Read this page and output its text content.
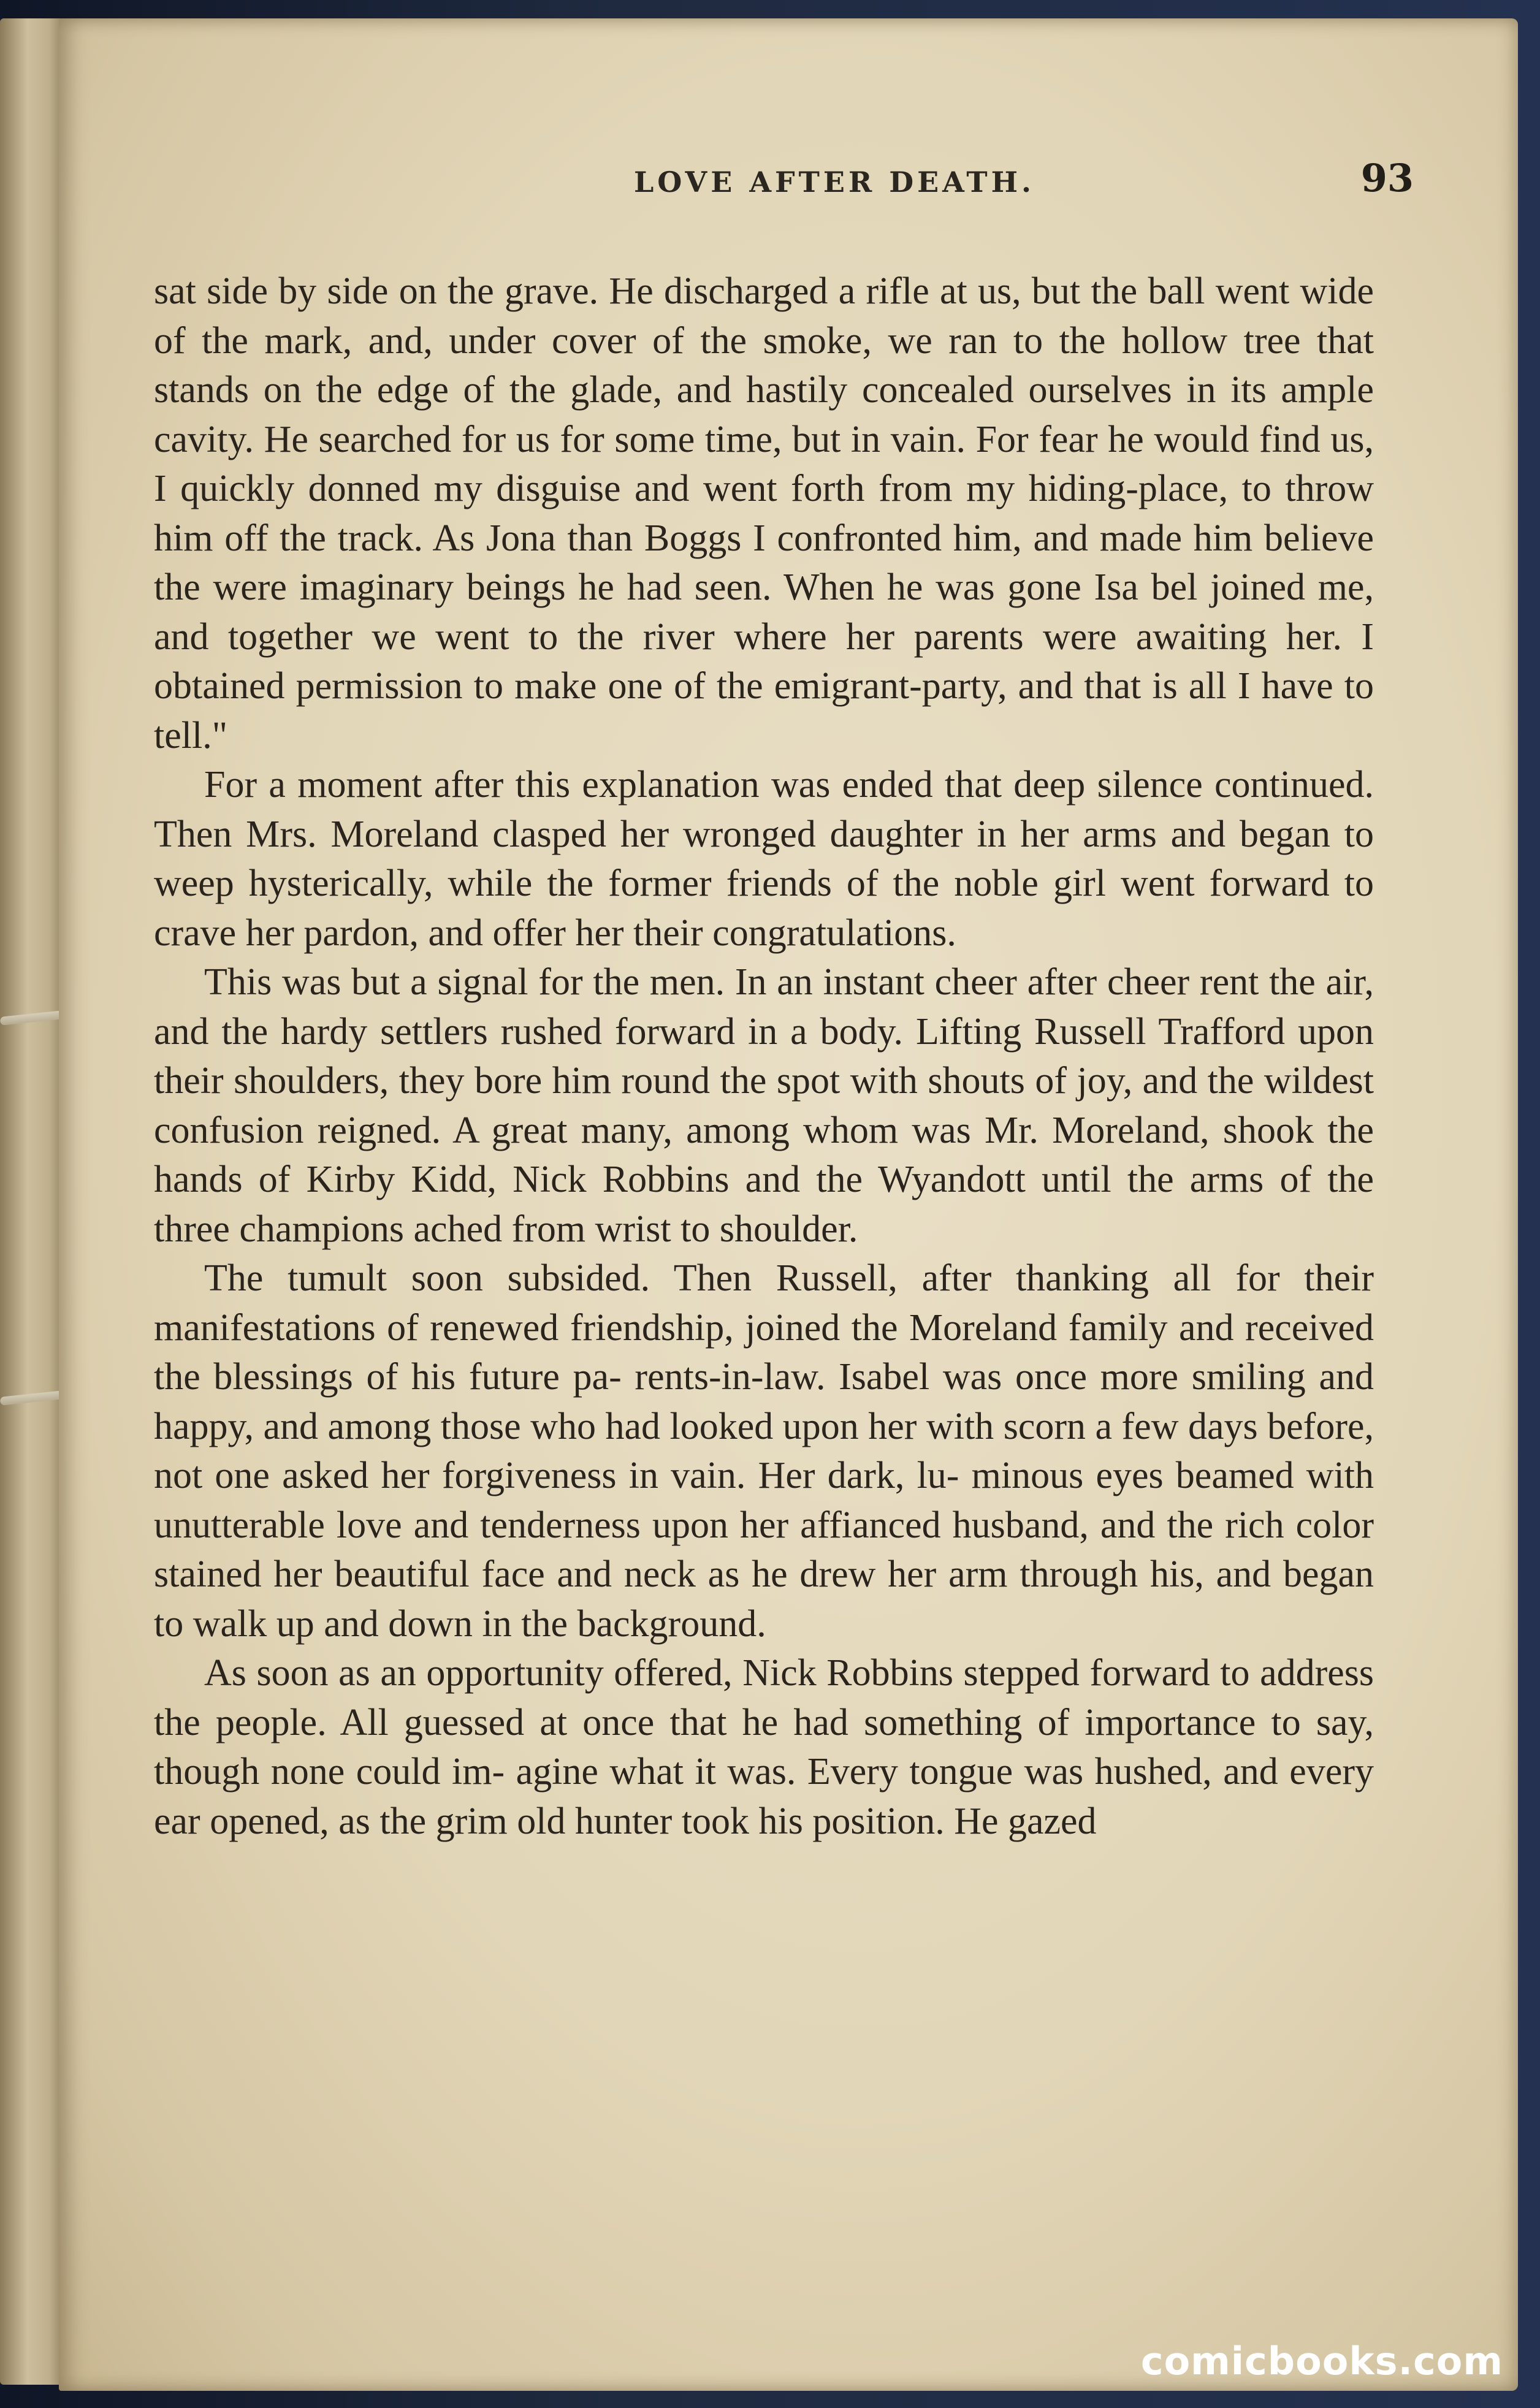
LOVE AFTER DEATH.	93

sat side by side on the grave. He discharged a rifle at us, but the ball went wide of the mark, and, under cover of the smoke, we ran to the hollow tree that stands on the edge of the glade, and hastily concealed ourselves in its ample cavity. He searched for us for some time, but in vain. For fear he would find us, I quickly donned my disguise and went forth from my hiding-place, to throw him off the track. As Jona than Boggs I confronted him, and made him believe the were imaginary beings he had seen. When he was gone Isa bel joined me, and together we went to the river where her parents were awaiting her. I obtained permission to make one of the emigrant-party, and that is all I have to tell."

For a moment after this explanation was ended that deep silence continued. Then Mrs. Moreland clasped her wronged daughter in her arms and began to weep hysterically, while the former friends of the noble girl went forward to crave her pardon, and offer her their congratulations.

This was but a signal for the men. In an instant cheer after cheer rent the air, and the hardy settlers rushed forward in a body. Lifting Russell Trafford upon their shoulders, they bore him round the spot with shouts of joy, and the wildest confusion reigned. A great many, among whom was Mr. Moreland, shook the hands of Kirby Kidd, Nick Robbins and the Wyandott until the arms of the three champions ached from wrist to shoulder.

The tumult soon subsided. Then Russell, after thanking all for their manifestations of renewed friendship, joined the Moreland family and received the blessings of his future pa- rents-in-law. Isabel was once more smiling and happy, and among those who had looked upon her with scorn a few days before, not one asked her forgiveness in vain. Her dark, lu- minous eyes beamed with unutterable love and tenderness upon her affianced husband, and the rich color stained her beautiful face and neck as he drew her arm through his, and began to walk up and down in the background.

As soon as an opportunity offered, Nick Robbins stepped forward to address the people. All guessed at once that he had something of importance to say, though none could im- agine what it was. Every tongue was hushed, and every ear opened, as the grim old hunter took his position. He gazed

comicbooks.com
